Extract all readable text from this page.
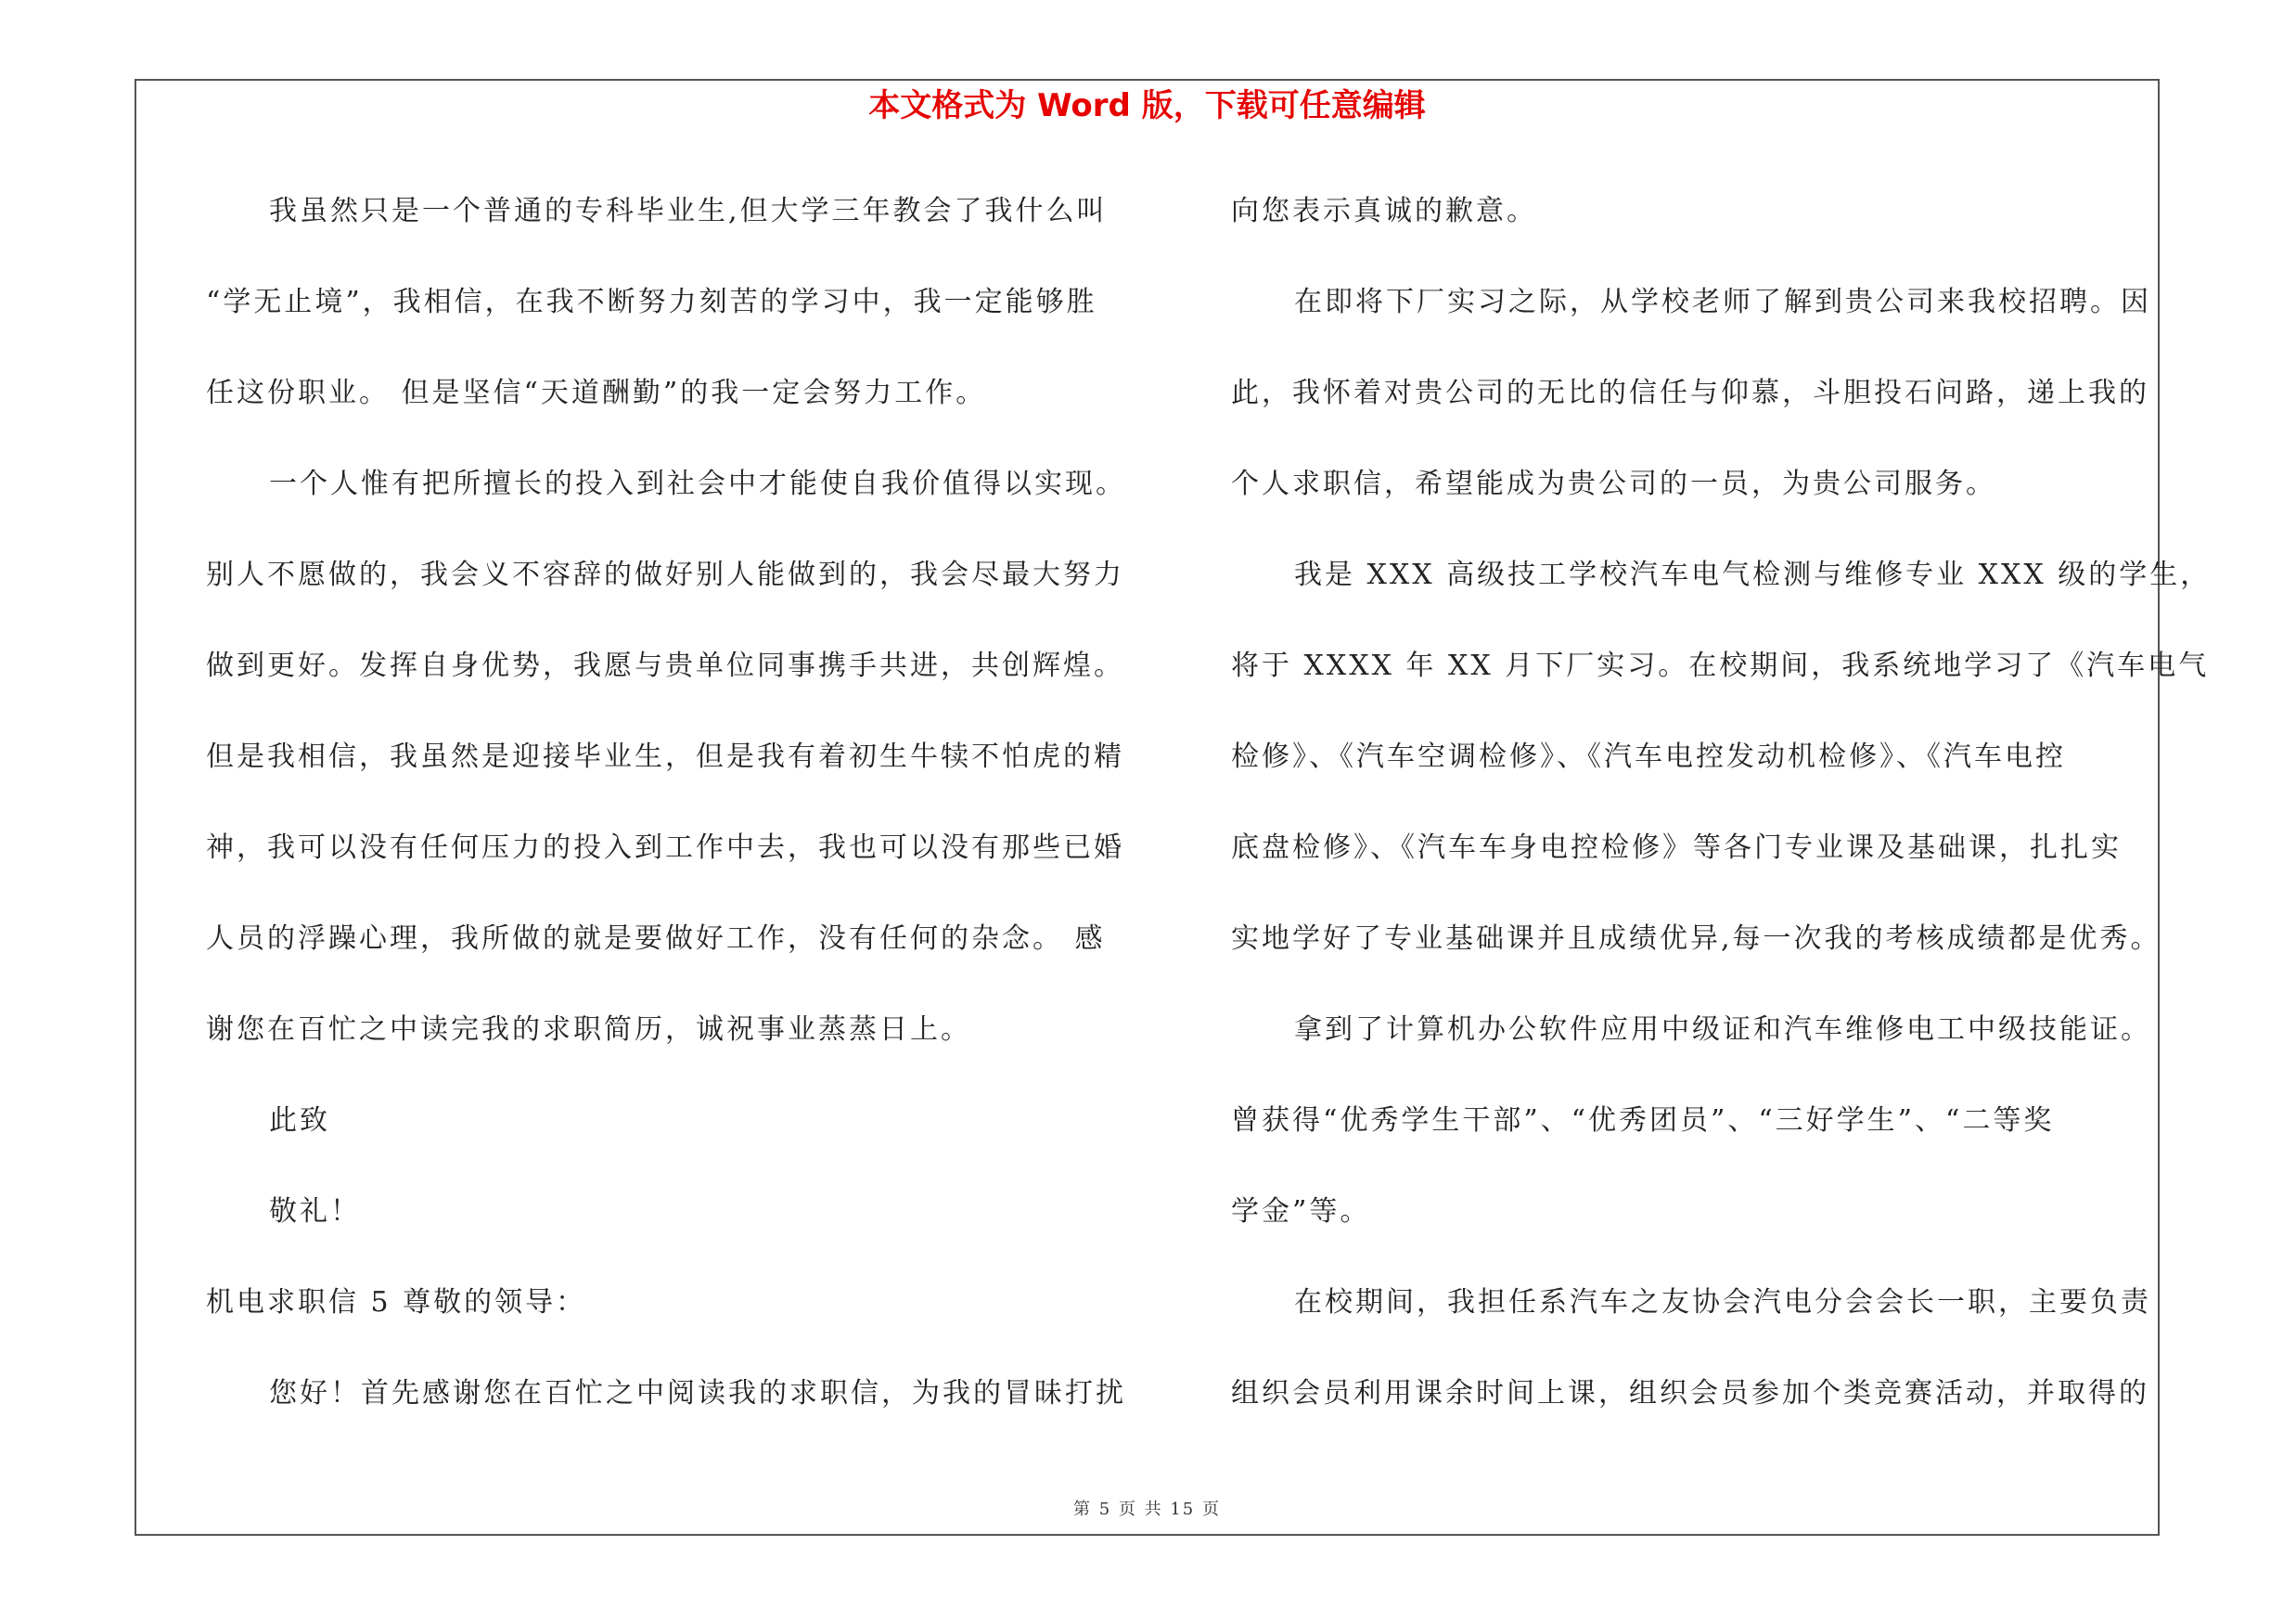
本文格式为 Word 版，下载可任意编辑
我虽然只是一个普通的专科毕业生,但大学三年教会了我什么叫
“学无止境”，我相信，在我不断努力刻苦的学习中，我一定能够胜
任这份职业。 但是坚信“天道酬勤”的我一定会努力工作。
一个人惟有把所擅长的投入到社会中才能使自我价值得以实现。
别人不愿做的，我会义不容辞的做好别人能做到的，我会尽最大努力
做到更好。发挥自身优势，我愿与贵单位同事携手共进，共创辉煌。
但是我相信，我虽然是迎接毕业生，但是我有着初生牛犊不怕虎的精
神，我可以没有任何压力的投入到工作中去，我也可以没有那些已婚
人员的浮躁心理，我所做的就是要做好工作，没有任何的杂念。 感
谢您在百忙之中读完我的求职简历，诚祝事业蒸蒸日上。
此致
敬礼！
机电求职信 5 尊敬的领导：
您好！首先感谢您在百忙之中阅读我的求职信，为我的冒昧打扰
向您表示真诚的歉意。
在即将下厂实习之际，从学校老师了解到贵公司来我校招聘。因
此，我怀着对贵公司的无比的信任与仰慕，斗胆投石问路，递上我的
个人求职信，希望能成为贵公司的一员，为贵公司服务。
我是 XXX 高级技工学校汽车电气检测与维修专业 XXX 级的学生，
将于 XXXX 年 XX 月下厂实习。在校期间，我系统地学习了《汽车电气
检修》、《汽车空调检修》、《汽车电控发动机检修》、《汽车电控
底盘检修》、《汽车车身电控检修》等各门专业课及基础课，扎扎实
实地学好了专业基础课并且成绩优异,每一次我的考核成绩都是优秀。
拿到了计算机办公软件应用中级证和汽车维修电工中级技能证。
曾获得“优秀学生干部”、“优秀团员”、“三好学生”、“二等奖
学金”等。
在校期间，我担任系汽车之友协会汽电分会会长一职，主要负责
组织会员利用课余时间上课，组织会员参加个类竞赛活动，并取得的
第 5 页 共 15 页
